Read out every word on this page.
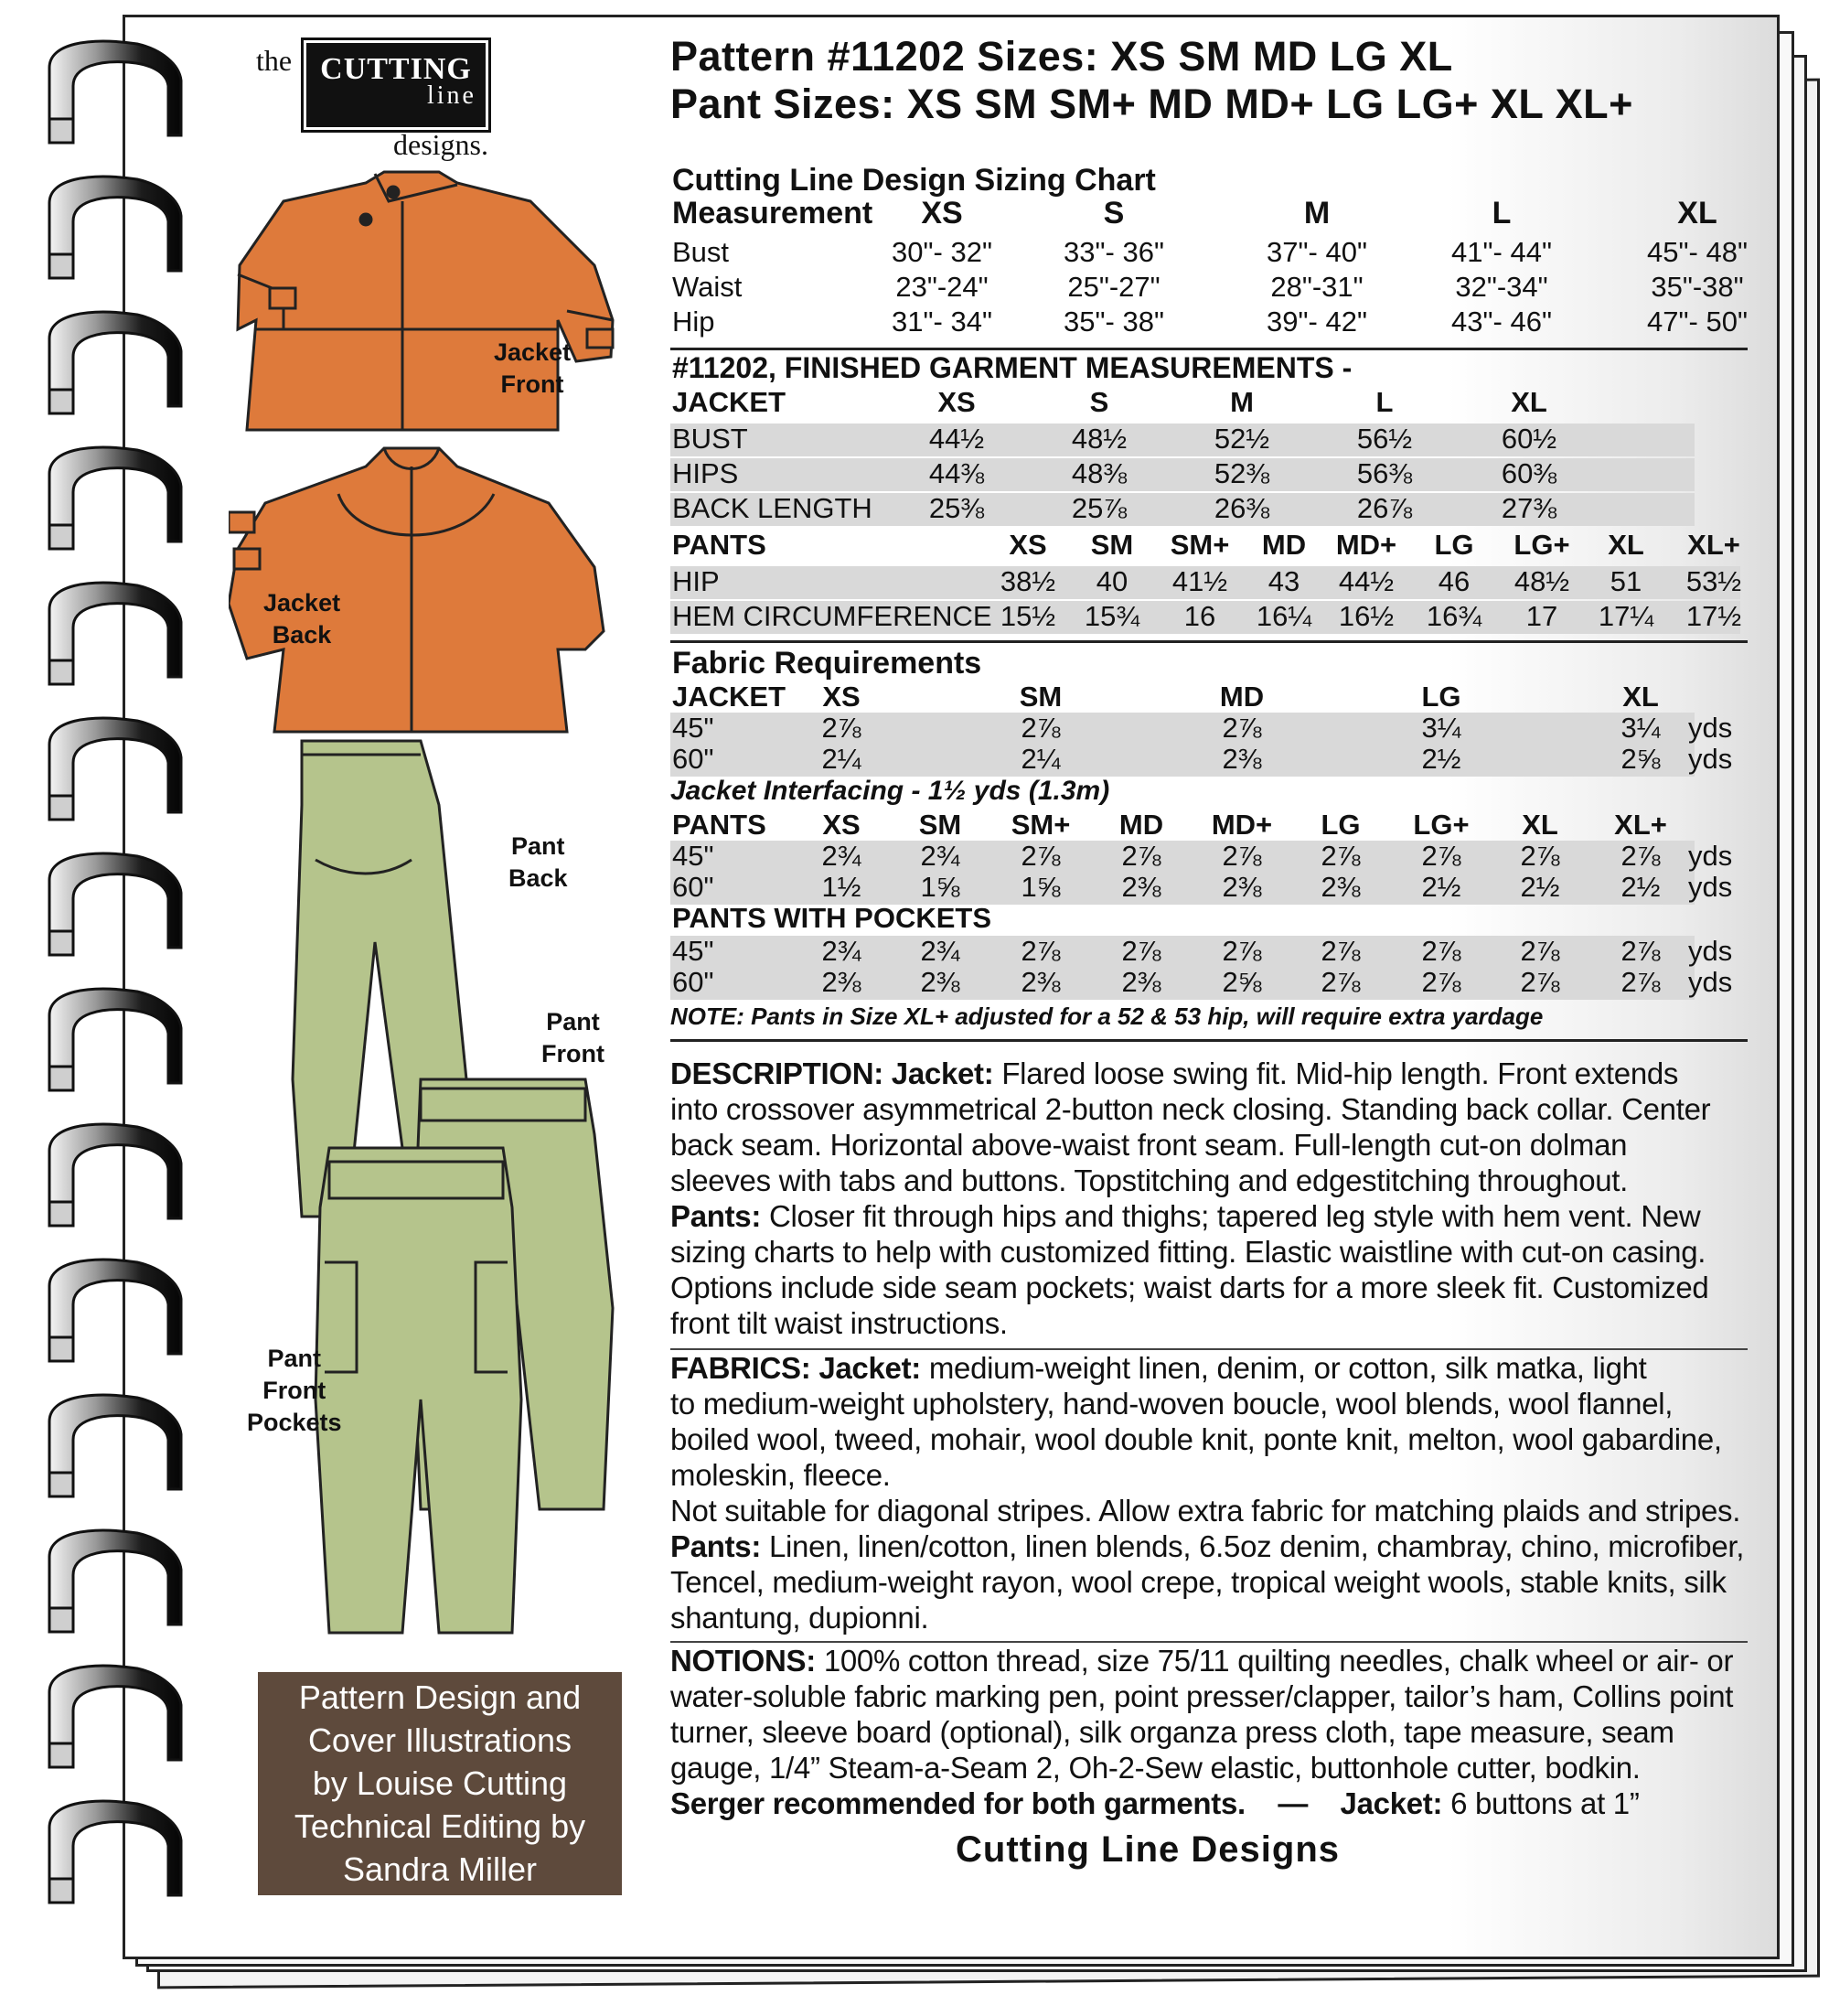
the CUTTING
line
designs.
Jacket
Front
Jacket
Back
Pant
Back
Pant
Front
Pant
Front
Pockets
Pattern Design and
Cover Illustrations
by Louise Cutting
Technical Editing by
Sandra Miller
Pattern #11202 Sizes: XS SM MD LG XL
Pant Sizes: XS SM SM+ MD MD+ LG LG+ XL XL+
Cutting Line Design Sizing Chart
Measurement XS	S	M	L	XL
Bust	30"- 32"	33"- 36"	37"- 40"	41"- 44"	45"- 48"
Waist	23"-24"	25"-27"	28"-31"	32"-34"	35"-38"
Hip	31"- 34"	35"- 38"	39"- 42"	43"- 46"	47"- 50"
#11202, FINISHED GARMENT MEASUREMENTS -
JACKET	XS	S	M	L	XL
BUST	44½	48½	52½	56½	60½
HIPS	44⅜	48⅜	52⅜	56⅜	60⅜
BACK LENGTH 25⅜	25⅞	26⅜	26⅞	27⅜
PANTS	XS SM SM+ MD MD+ LG LG+ XL XL+
HIP	38½ 40 41½ 43 44½ 46 48½ 51 53½
HEM CIRCUMFERENCE 15½ 15¾ 16 16¼ 16½ 16¾ 17 17¼ 17½
Fabric Requirements
JACKET XS	SM	MD	LG	XL
45"	2⅞	2⅞	2⅞	3¼	3¼ yds
60"	2¼	2¼	2⅜	2½	2⅝ yds
PANTS XS SM SM+ MD MD+ LG LG+ XL XL+
45"	2¾ 2¾ 2⅞ 2⅞ 2⅞ 2⅞ 2⅞ 2⅞ 2⅞ yds
60"	1½ 1⅝ 1⅝ 2⅜ 2⅜ 2⅜ 2½ 2½ 2½ yds
PANTS WITH POCKETS
45"	2¾ 2¾ 2⅞ 2⅞ 2⅞ 2⅞ 2⅞ 2⅞ 2⅞ yds
60"	2⅜ 2⅜ 2⅜ 2⅜ 2⅝ 2⅞ 2⅞ 2⅞ 2⅞ yds
Jacket Interfacing - 1½ yds (1.3m)
NOTE: Pants in Size XL+ adjusted for a 52 & 53 hip, will require extra yardage
DESCRIPTION: Jacket: Flared loose swing fit. Mid-hip length. Front extends
into crossover asymmetrical 2-button neck closing. Standing back collar. Center
back seam. Horizontal above-waist front seam. Full-length cut-on dolman
sleeves with tabs and buttons. Topstitching and edgestitching throughout.
Pants: Closer fit through hips and thighs; tapered leg style with hem vent. New
sizing charts to help with customized fitting. Elastic waistline with cut-on casing.
Options include side seam pockets; waist darts for a more sleek fit. Customized
front tilt waist instructions.
FABRICS: Jacket: medium-weight linen, denim, or cotton, silk matka, light
to medium-weight upholstery, hand-woven boucle, wool blends, wool flannel,
boiled wool, tweed, mohair, wool double knit, ponte knit, melton, wool gabardine,
moleskin, fleece.
Not suitable for diagonal stripes. Allow extra fabric for matching plaids and stripes.
Pants: Linen, linen/cotton, linen blends, 6.5oz denim, chambray, chino, microfiber,
Tencel, medium-weight rayon, wool crepe, tropical weight wools, stable knits, silk
shantung, dupionni.
NOTIONS: 100% cotton thread, size 75/11 quilting needles, chalk wheel or air- or
water-soluble fabric marking pen, point presser/clapper, tailor’s ham, Collins point
turner, sleeve board (optional), silk organza press cloth, tape measure, seam
gauge, 1/4” Steam-a-Seam 2, Oh-2-Sew elastic, buttonhole cutter, bodkin.
Serger recommended for both garments. — Jacket: 6 buttons at 1”
Cutting Line Designs
